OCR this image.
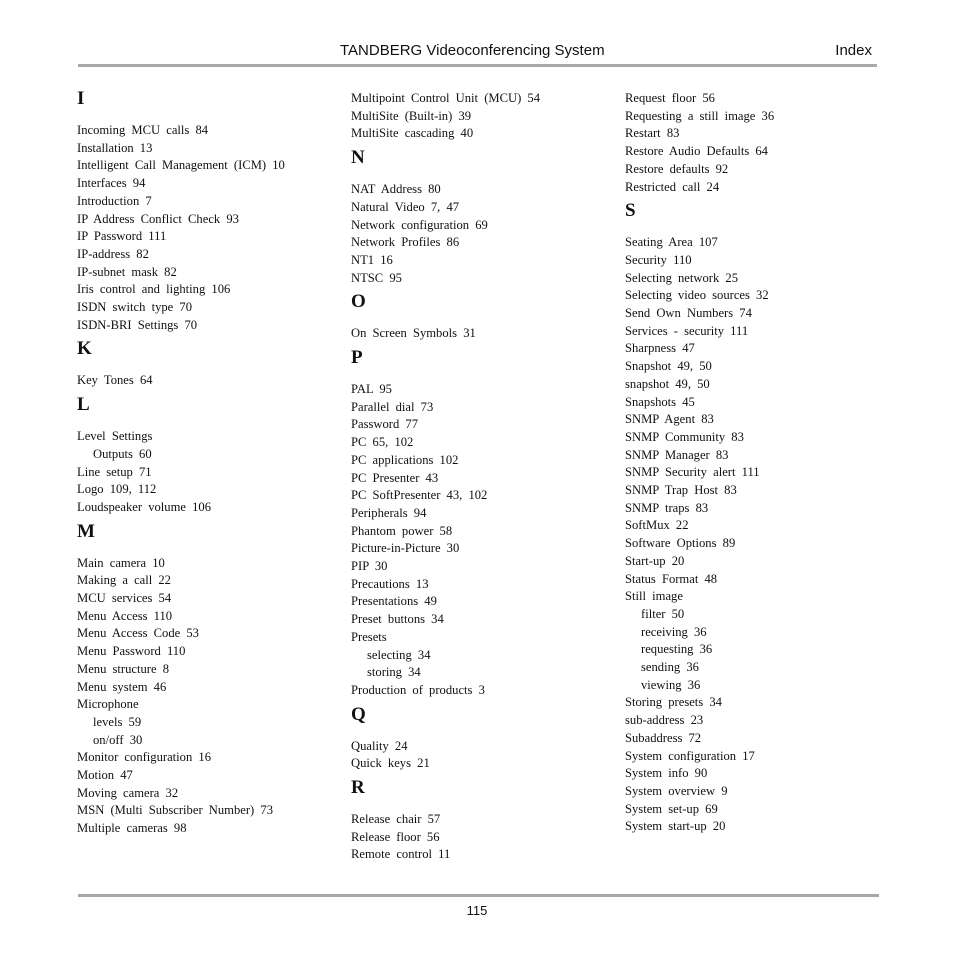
TANDBERG Videoconferencing System	Index
I
Incoming MCU calls 84
Installation 13
Intelligent Call Management (ICM) 10
Interfaces 94
Introduction 7
IP Address Conflict Check 93
IP Password 111
IP-address 82
IP-subnet mask 82
Iris control and lighting 106
ISDN switch type 70
ISDN-BRI Settings 70
K
Key Tones 64
L
Level Settings
Outputs 60
Line setup 71
Logo 109, 112
Loudspeaker volume 106
M
Main camera 10
Making a call 22
MCU services 54
Menu Access 110
Menu Access Code 53
Menu Password 110
Menu structure 8
Menu system 46
Microphone
levels 59
on/off 30
Monitor configuration 16
Motion 47
Moving camera 32
MSN (Multi Subscriber Number) 73
Multiple cameras 98
Multipoint Control Unit (MCU) 54
MultiSite (Built-in) 39
MultiSite cascading 40
N
NAT Address 80
Natural Video 7, 47
Network configuration 69
Network Profiles 86
NT1 16
NTSC 95
O
On Screen Symbols 31
P
PAL 95
Parallel dial 73
Password 77
PC 65, 102
PC applications 102
PC Presenter 43
PC SoftPresenter 43, 102
Peripherals 94
Phantom power 58
Picture-in-Picture 30
PIP 30
Precautions 13
Presentations 49
Preset buttons 34
Presets
selecting 34
storing 34
Production of products 3
Q
Quality 24
Quick keys 21
R
Release chair 57
Release floor 56
Remote control 11
Request floor 56
Requesting a still image 36
Restart 83
Restore Audio Defaults 64
Restore defaults 92
Restricted call 24
S
Seating Area 107
Security 110
Selecting network 25
Selecting video sources 32
Send Own Numbers 74
Services - security 111
Sharpness 47
Snapshot 49, 50
snapshot 49, 50
Snapshots 45
SNMP Agent 83
SNMP Community 83
SNMP Manager 83
SNMP Security alert 111
SNMP Trap Host 83
SNMP traps 83
SoftMux 22
Software Options 89
Start-up 20
Status Format 48
Still image
filter 50
receiving 36
requesting 36
sending 36
viewing 36
Storing presets 34
sub-address 23
Subaddress 72
System configuration 17
System info 90
System overview 9
System set-up 69
System start-up 20
115
